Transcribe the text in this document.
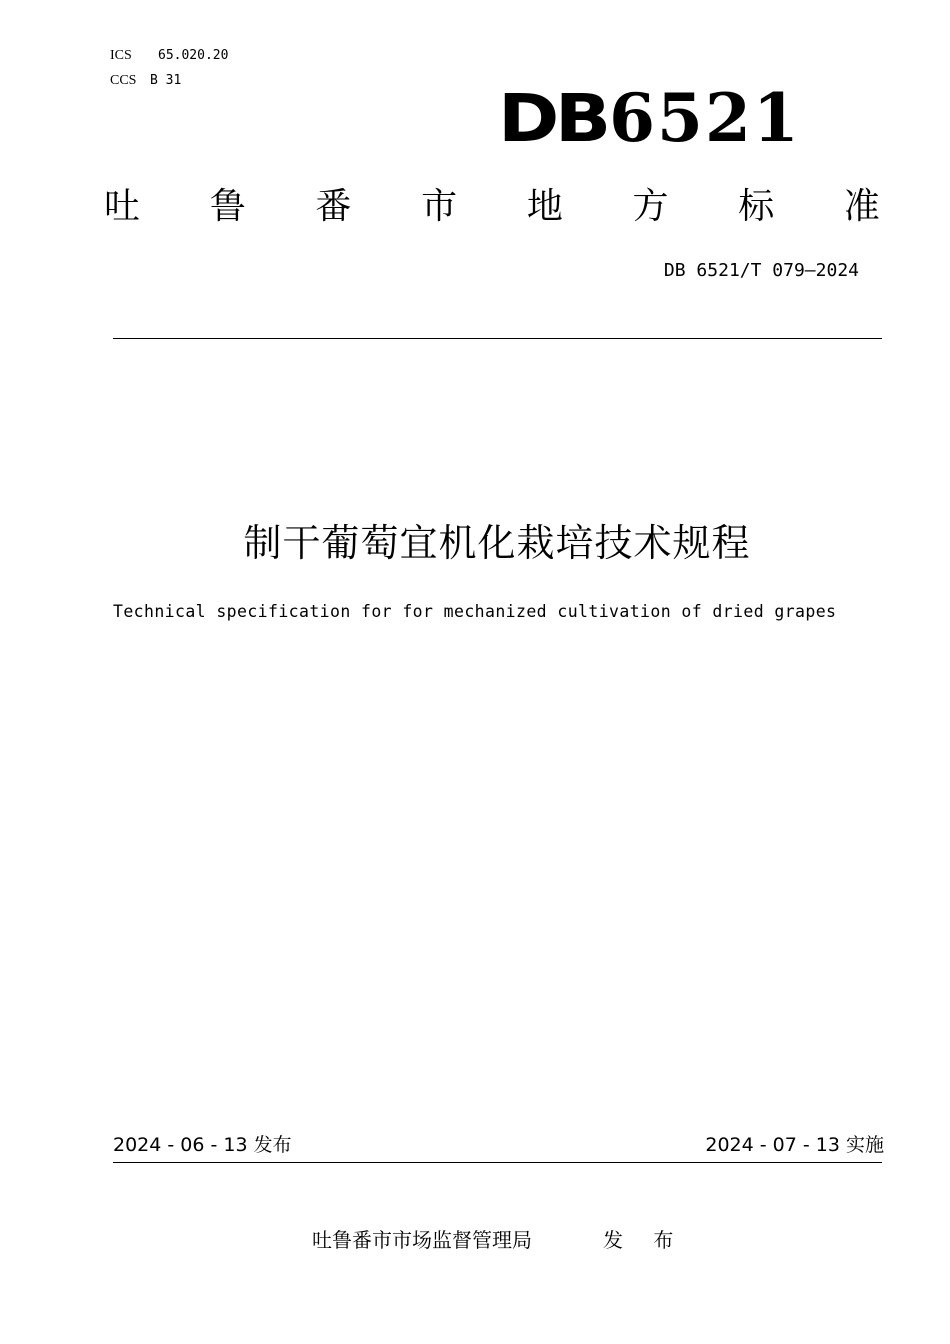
ICS 65.020.20
CCS B 31	DB 6521
吐 鲁 番 市 地 方 标 准
DB 6521/T 079—2024
制干葡萄宜机化栽培技术规程
Technical specification for for mechanized cultivation of dried grapes
2024 - 06 - 13 发布	2024 - 07 - 13 实施
吐鲁番市市场监督管理局	发 布
